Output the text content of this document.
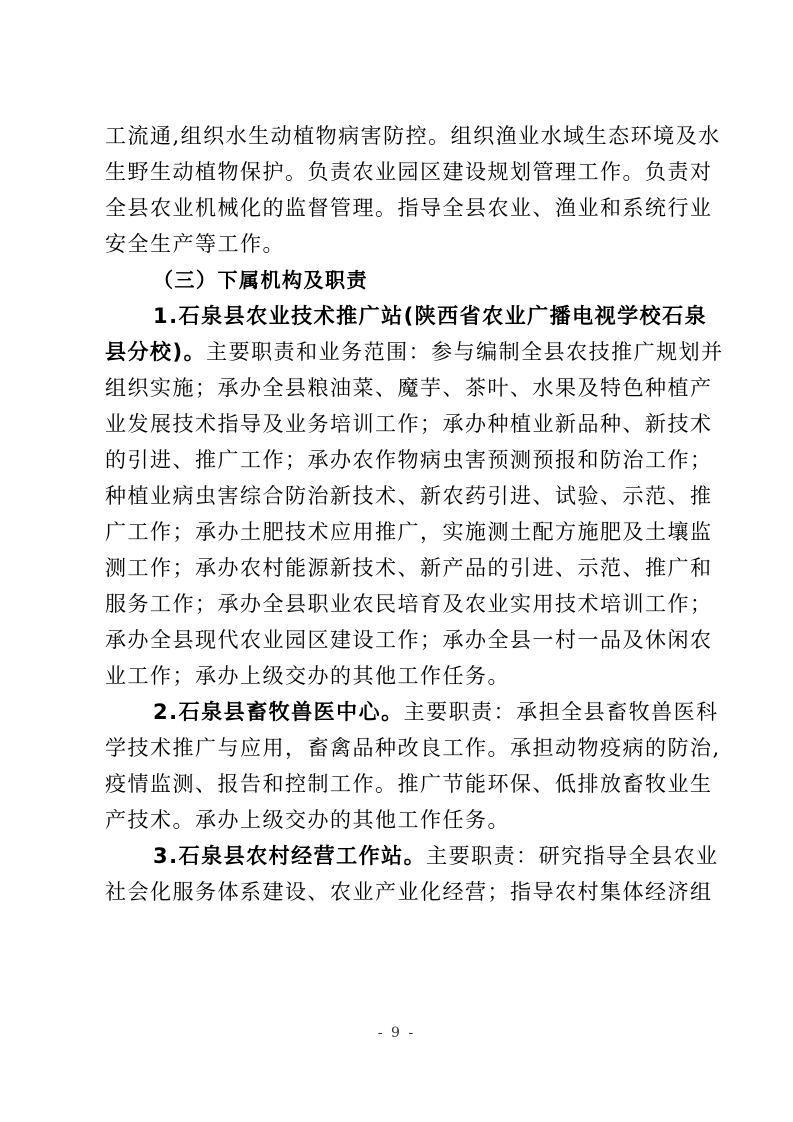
工流通,组织水生动植物病害防控。组织渔业水域生态环境及水
生野生动植物保护。负责农业园区建设规划管理工作。负责对
全县农业机械化的监督管理。指导全县农业、渔业和系统行业
安全生产等工作。
（三）下属机构及职责
1.石泉县农业技术推广站(陕西省农业广播电视学校石泉
县分校)。主要职责和业务范围：参与编制全县农技推广规划并
组织实施；承办全县粮油菜、魔芋、茶叶、水果及特色种植产
业发展技术指导及业务培训工作；承办种植业新品种、新技术
的引进、推广工作；承办农作物病虫害预测预报和防治工作；
种植业病虫害综合防治新技术、新农药引进、试验、示范、推
广工作；承办土肥技术应用推广，实施测土配方施肥及土壤监
测工作；承办农村能源新技术、新产品的引进、示范、推广和
服务工作；承办全县职业农民培育及农业实用技术培训工作；
承办全县现代农业园区建设工作；承办全县一村一品及休闲农
业工作；承办上级交办的其他工作任务。
2.石泉县畜牧兽医中心。主要职责：承担全县畜牧兽医科
学技术推广与应用，畜禽品种改良工作。承担动物疫病的防治,
疫情监测、报告和控制工作。推广节能环保、低排放畜牧业生
产技术。承办上级交办的其他工作任务。
3.石泉县农村经营工作站。主要职责：研究指导全县农业
社会化服务体系建设、农业产业化经营；指导农村集体经济组
- 9 -
